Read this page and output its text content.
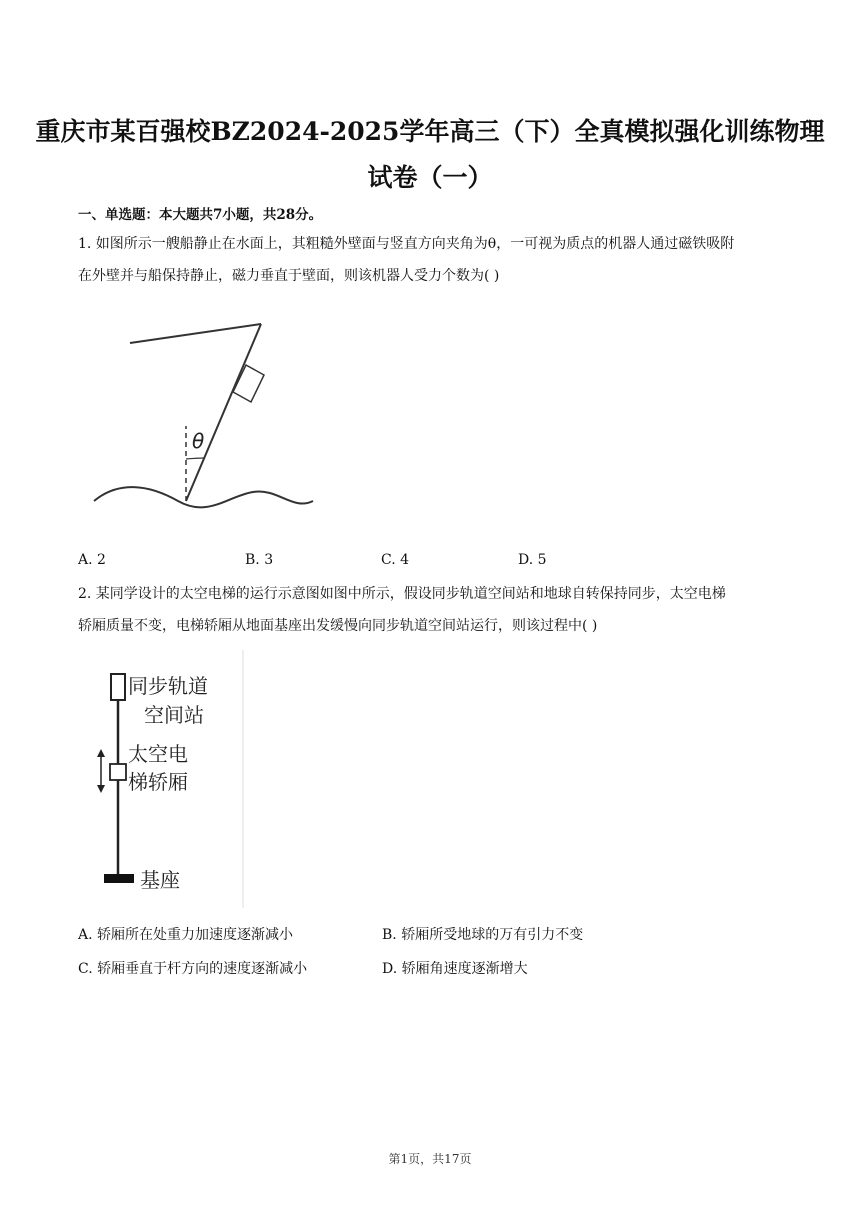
重庆市某百强校BZ2024-2025学年高三（下）全真模拟强化训练物理
试卷（一）
一、单选题：本大题共7小题，共28分。
1. 如图所示一艘船静止在水面上，其粗糙外壁面与竖直方向夹角为θ，一可视为质点的机器人通过磁铁吸附
在外壁并与船保持静止，磁力垂直于壁面，则该机器人受力个数为( )
θ
A. 2	B. 3	C. 4	D. 5
2. 某同学设计的太空电梯的运行示意图如图中所示，假设同步轨道空间站和地球自转保持同步，太空电梯
轿厢质量不变，电梯轿厢从地面基座出发缓慢向同步轨道空间站运行，则该过程中( )
同步轨道
空间站
太空电
梯轿厢
基座
A. 轿厢所在处重力加速度逐渐减小	B. 轿厢所受地球的万有引力不变
C. 轿厢垂直于杆方向的速度逐渐减小	D. 轿厢角速度逐渐增大
第1页，共17页
